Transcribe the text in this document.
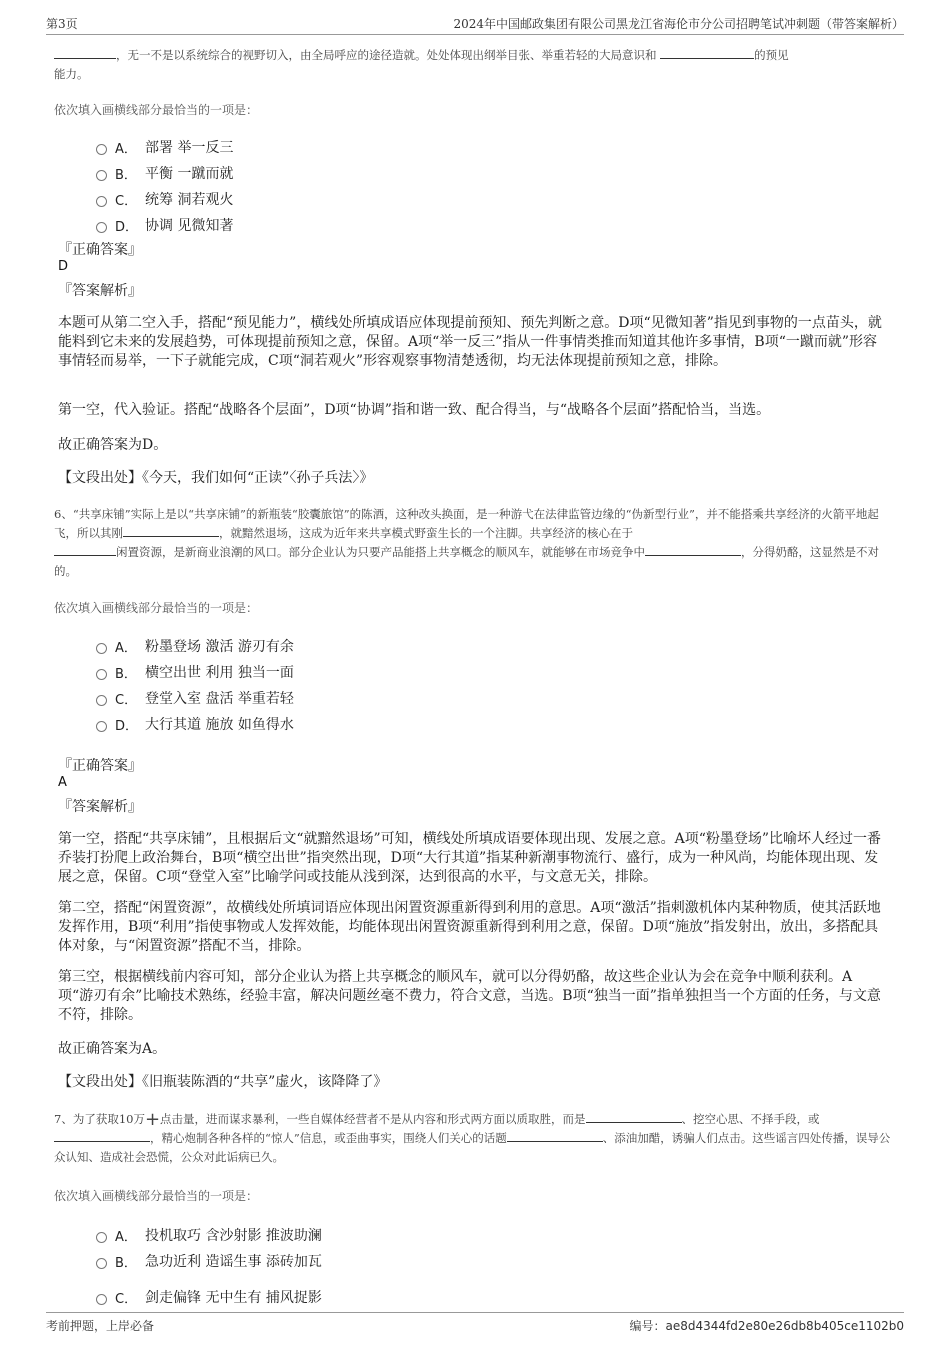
第3页	2024年中国邮政集团有限公司黑龙江省海伦市分公司招聘笔试冲刺题（带答案解析）
，无一不是以系统综合的视野切入，由全局呼应的途径造就。处处体现出纲举目张、举重若轻的大局意识和	的预见
能力。
依次填入画横线部分最恰当的一项是：
A． 部署 举一反三
B． 平衡 一蹴而就
C． 统筹 洞若观火
D． 协调 见微知著
『正确答案』
D
『答案解析』
本题可从第二空入手，搭配“预见能力”，横线处所填成语应体现提前预知、预先判断之意。D项“见微知著”指见到事物的一点苗头，就能料到它未来的发展趋势，可体现提前预知之意，保留。A项“举一反三”指从一件事情类推而知道其他许多事情，B项“一蹴而就”形容事情轻而易举，一下子就能完成，C项“洞若观火”形容观察事物清楚透彻，均无法体现提前预知之意，排除。
第一空，代入验证。搭配“战略各个层面”，D项“协调”指和谐一致、配合得当，与“战略各个层面”搭配恰当，当选。
故正确答案为D。
【文段出处】《今天，我们如何“正读”〈孙子兵法〉》
6、“共享床铺”实际上是以“共享床铺”的新瓶装“胶囊旅馆”的陈酒，这种改头换面，是一种游弋在法律监管边缘的“伪新型行业”，并不能搭乘共享经济的火箭平地起飞，所以其刚	，就黯然退场，这成为近年来共享模式野蛮生长的一个注脚。共享经济的核心在于
闲置资源，是新商业浪潮的风口。部分企业认为只要产品能搭上共享概念的顺风车，就能够在市场竞争中	，分得奶酪，这显然是不对的。
依次填入画横线部分最恰当的一项是：
A． 粉墨登场 激活 游刃有余
B． 横空出世 利用 独当一面
C． 登堂入室 盘活 举重若轻
D． 大行其道 施放 如鱼得水
『正确答案』
A
『答案解析』
第一空，搭配“共享床铺”，且根据后文“就黯然退场”可知，横线处所填成语要体现出现、发展之意。A项“粉墨登场”比喻坏人经过一番乔装打扮爬上政治舞台，B项“横空出世”指突然出现，D项“大行其道”指某种新潮事物流行、盛行，成为一种风尚，均能体现出现、发展之意，保留。C项“登堂入室”比喻学问或技能从浅到深，达到很高的水平，与文意无关，排除。
第二空，搭配“闲置资源”，故横线处所填词语应体现出闲置资源重新得到利用的意思。A项“激活”指刺激机体内某种物质，使其活跃地发挥作用，B项“利用”指使事物或人发挥效能，均能体现出闲置资源重新得到利用之意，保留。D项“施放”指发射出，放出，多搭配具体对象，与“闲置资源”搭配不当，排除。
第三空，根据横线前内容可知，部分企业认为搭上共享概念的顺风车，就可以分得奶酪，故这些企业认为会在竞争中顺利获利。A项“游刃有余”比喻技术熟练，经验丰富，解决问题丝毫不费力，符合文意，当选。B项“独当一面”指单独担当一个方面的任务，与文意不符，排除。
故正确答案为A。
【文段出处】《旧瓶装陈酒的“共享”虚火，该降降了》
7、为了获取10万+点击量，进而谋求暴利，一些自媒体经营者不是从内容和形式两方面以质取胜，而是	、挖空心思、不择手段，或，精心炮制各种各样的“惊人”信息，或歪曲事实，围绕人们关心的话题	、添油加醋，诱骗人们点击。这些谣言四处传播，误导公众认知、造成社会恐慌，公众对此诟病已久。
依次填入画横线部分最恰当的一项是：
A． 投机取巧 含沙射影 推波助澜
B． 急功近利 造谣生事 添砖加瓦
C． 剑走偏锋 无中生有 捕风捉影
考前押题，上岸必备	编号：ae8d4344fd2e80e26db8b405ce1102b0
